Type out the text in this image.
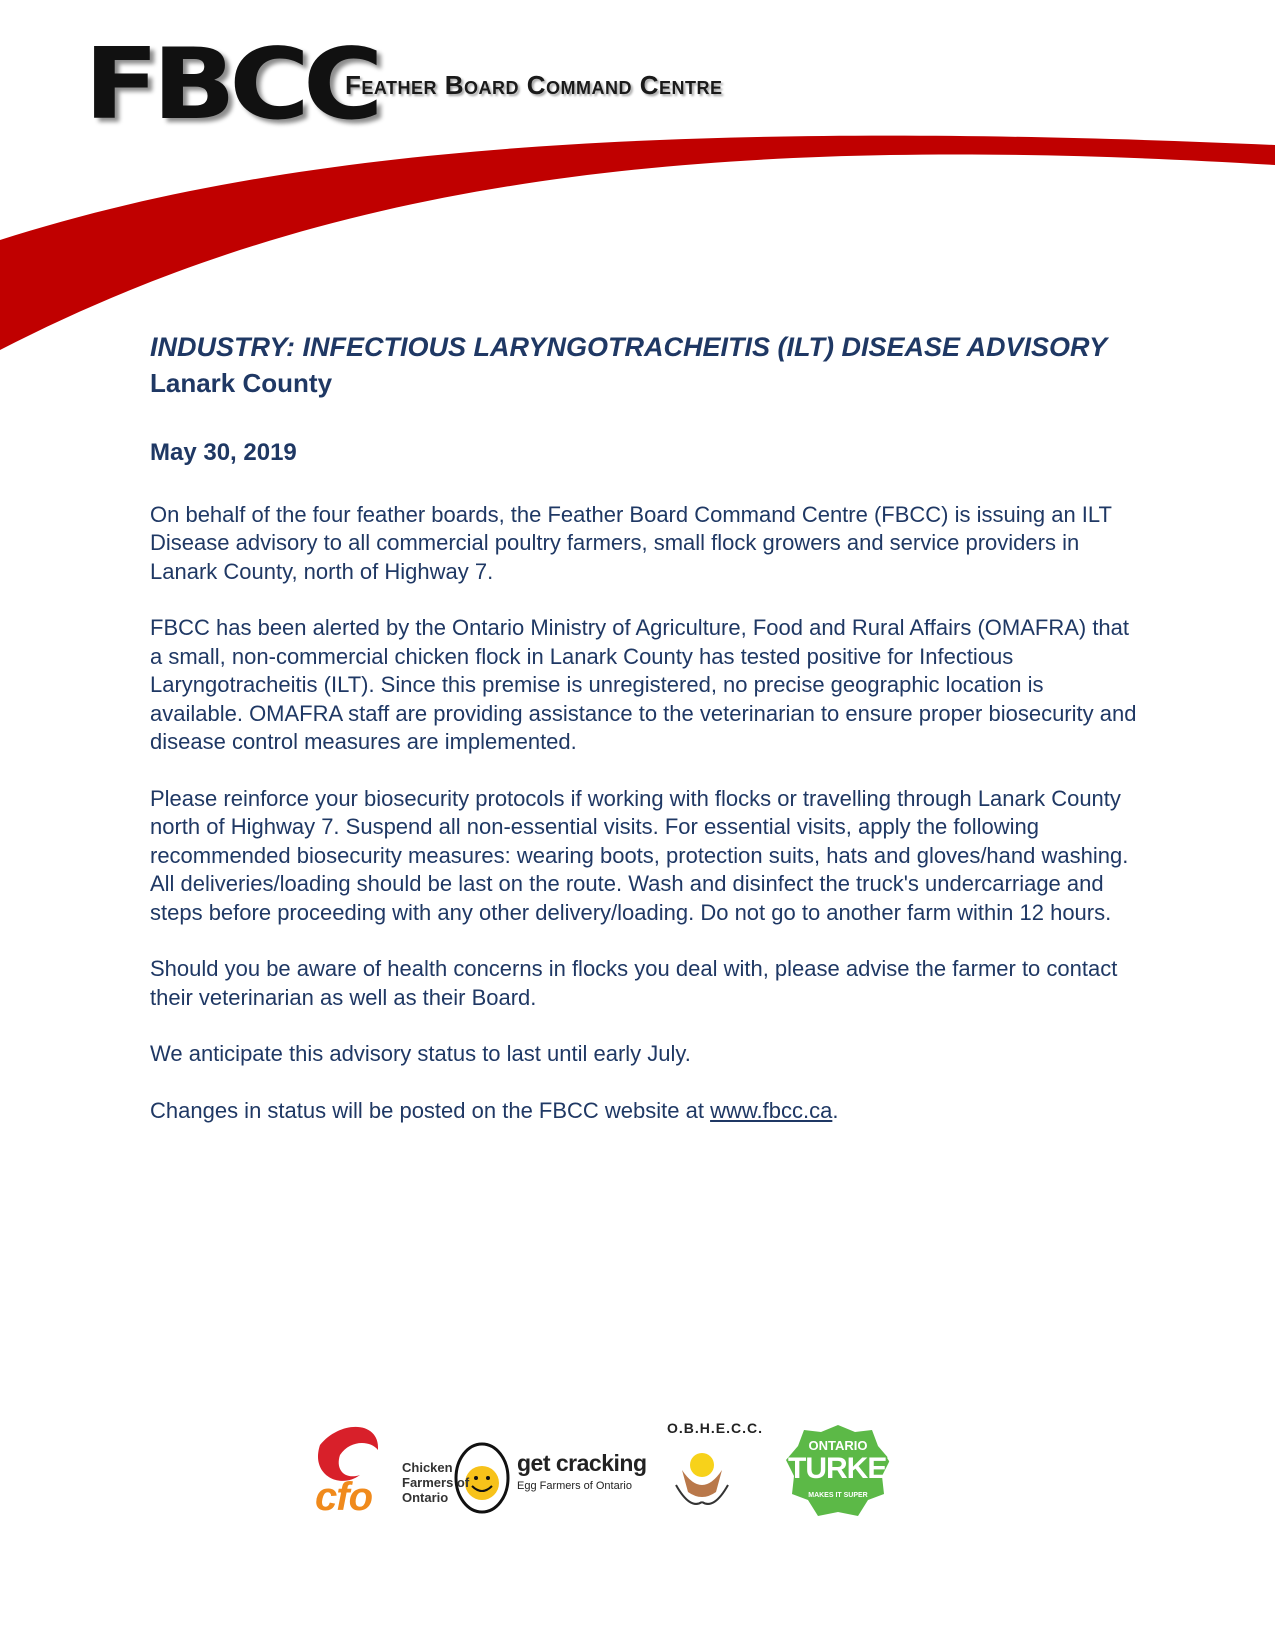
FBCC
Feather Board Command Centre
INDUSTRY: INFECTIOUS LARYNGOTRACHEITIS (ILT) DISEASE ADVISORY
Lanark County
May 30, 2019

On behalf of the four feather boards, the Feather Board Command Centre (FBCC) is issuing an ILT Disease advisory to all commercial poultry farmers, small flock growers and service providers in Lanark County, north of Highway 7.

FBCC has been alerted by the Ontario Ministry of Agriculture, Food and Rural Affairs (OMAFRA) that a small, non-commercial chicken flock in Lanark County has tested positive for Infectious Laryngotracheitis (ILT). Since this premise is unregistered, no precise geographic location is available. OMAFRA staff are providing assistance to the veterinarian to ensure proper biosecurity and disease control measures are implemented.

Please reinforce your biosecurity protocols if working with flocks or travelling through Lanark County north of Highway 7. Suspend all non-essential visits. For essential visits, apply the following recommended biosecurity measures: wearing boots, protection suits, hats and gloves/hand washing. All deliveries/loading should be last on the route. Wash and disinfect the truck's undercarriage and steps before proceeding with any other delivery/loading. Do not go to another farm within 12 hours.

Should you be aware of health concerns in flocks you deal with, please advise the farmer to contact their veterinarian as well as their Board.

We anticipate this advisory status to last until early July.

Changes in status will be posted on the FBCC website at www.fbcc.ca.

cfo
Chicken Farmers of Ontario
get cracking
Egg Farmers of Ontario
O.B.H.E.C.C.
ONTARIO
TURKEY
MAKES IT SUPER
